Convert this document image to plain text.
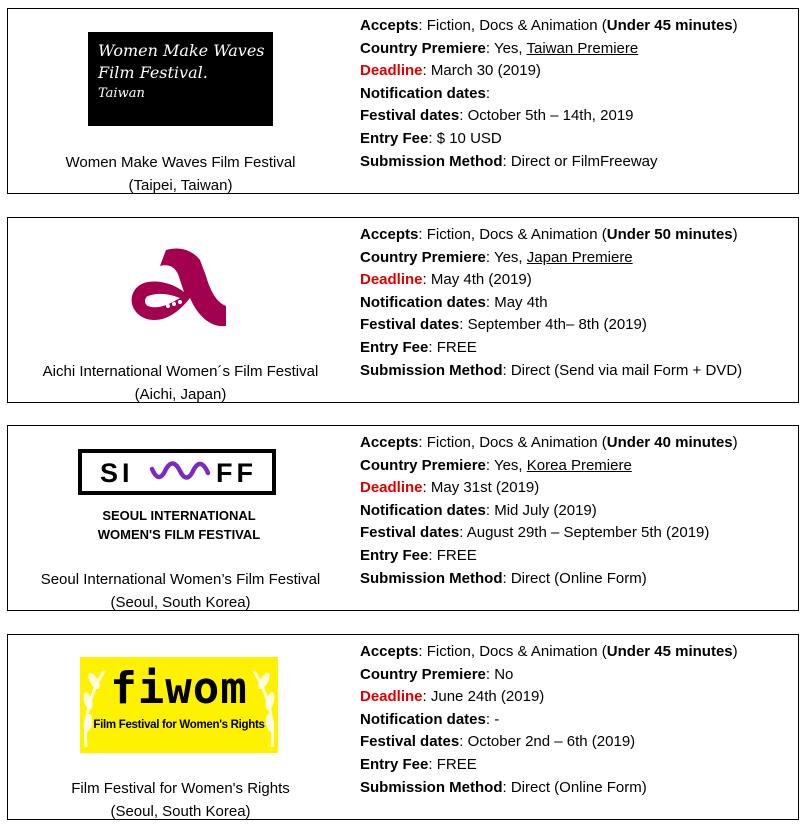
Women Make Waves
Film Festival.
Taiwan
Women Make Waves Film Festival
(Taipei, Taiwan)
Accepts: Fiction, Docs & Animation (Under 45 minutes)
Country Premiere: Yes, Taiwan Premiere
Deadline: March 30 (2019)
Notification dates:
Festival dates: October 5th – 14th, 2019
Entry Fee: $ 10 USD
Submission Method: Direct or FilmFreeway
Aichi International Women´s Film Festival
(Aichi, Japan)
Accepts: Fiction, Docs & Animation (Under 50 minutes)
Country Premiere: Yes, Japan Premiere
Deadline: May 4th (2019)
Notification dates: May 4th
Festival dates: September 4th– 8th (2019)
Entry Fee: FREE
Submission Method: Direct (Send via mail Form + DVD)
SI	FF
SEOUL INTERNATIONAL
WOMEN'S FILM FESTIVAL
Seoul International Women’s Film Festival
(Seoul, South Korea)
Accepts: Fiction, Docs & Animation (Under 40 minutes)
Country Premiere: Yes, Korea Premiere
Deadline: May 31st (2019)
Notification dates: Mid July (2019)
Festival dates: August 29th – September 5th (2019)
Entry Fee: FREE
Submission Method: Direct (Online Form)
fiwom
Film Festival for Women's Rights
Film Festival for Women's Rights
(Seoul, South Korea)
Accepts: Fiction, Docs & Animation (Under 45 minutes)
Country Premiere: No
Deadline: June 24th (2019)
Notification dates: -
Festival dates: October 2nd – 6th (2019)
Entry Fee: FREE
Submission Method: Direct (Online Form)
